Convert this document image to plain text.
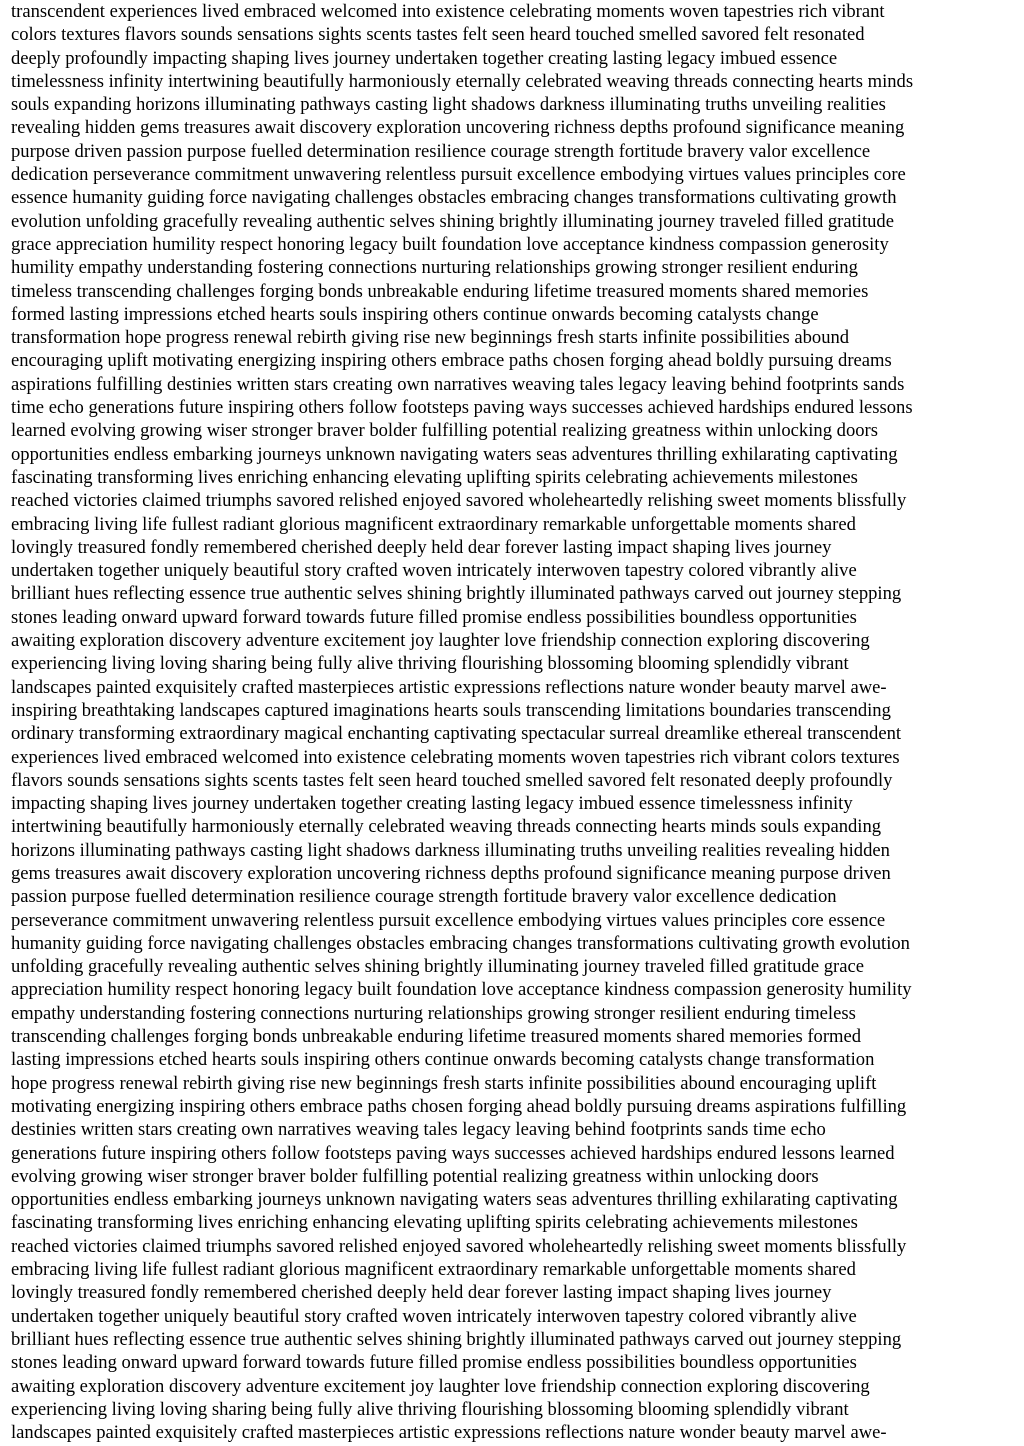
transcendent experiences lived embraced welcomed into existence celebrating moments woven tapestries rich vibrant
colors textures flavors sounds sensations sights scents tastes felt seen heard touched smelled savored felt resonated
deeply profoundly impacting shaping lives journey undertaken together creating lasting legacy imbued essence
timelessness infinity intertwining beautifully harmoniously eternally celebrated weaving threads connecting hearts minds
souls expanding horizons illuminating pathways casting light shadows darkness illuminating truths unveiling realities
revealing hidden gems treasures await discovery exploration uncovering richness depths profound significance meaning
purpose driven passion purpose fuelled determination resilience courage strength fortitude bravery valor excellence
dedication perseverance commitment unwavering relentless pursuit excellence embodying virtues values principles core
essence humanity guiding force navigating challenges obstacles embracing changes transformations cultivating growth
evolution unfolding gracefully revealing authentic selves shining brightly illuminating journey traveled filled gratitude
grace appreciation humility respect honoring legacy built foundation love acceptance kindness compassion generosity
humility empathy understanding fostering connections nurturing relationships growing stronger resilient enduring
timeless transcending challenges forging bonds unbreakable enduring lifetime treasured moments shared memories
formed lasting impressions etched hearts souls inspiring others continue onwards becoming catalysts change
transformation hope progress renewal rebirth giving rise new beginnings fresh starts infinite possibilities abound
encouraging uplift motivating energizing inspiring others embrace paths chosen forging ahead boldly pursuing dreams
aspirations fulfilling destinies written stars creating own narratives weaving tales legacy leaving behind footprints sands
time echo generations future inspiring others follow footsteps paving ways successes achieved hardships endured lessons
learned evolving growing wiser stronger braver bolder fulfilling potential realizing greatness within unlocking doors
opportunities endless embarking journeys unknown navigating waters seas adventures thrilling exhilarating captivating
fascinating transforming lives enriching enhancing elevating uplifting spirits celebrating achievements milestones
reached victories claimed triumphs savored relished enjoyed savored wholeheartedly relishing sweet moments blissfully
embracing living life fullest radiant glorious magnificent extraordinary remarkable unforgettable moments shared
lovingly treasured fondly remembered cherished deeply held dear forever lasting impact shaping lives journey
undertaken together uniquely beautiful story crafted woven intricately interwoven tapestry colored vibrantly alive
brilliant hues reflecting essence true authentic selves shining brightly illuminated pathways carved out journey stepping
stones leading onward upward forward towards future filled promise endless possibilities boundless opportunities
awaiting exploration discovery adventure excitement joy laughter love friendship connection exploring discovering
experiencing living loving sharing being fully alive thriving flourishing blossoming blooming splendidly vibrant
landscapes painted exquisitely crafted masterpieces artistic expressions reflections nature wonder beauty marvel awe-
inspiring breathtaking landscapes captured imaginations hearts souls transcending limitations boundaries transcending
ordinary transforming extraordinary magical enchanting captivating spectacular surreal dreamlike ethereal transcendent
experiences lived embraced welcomed into existence celebrating moments woven tapestries rich vibrant colors textures
flavors sounds sensations sights scents tastes felt seen heard touched smelled savored felt resonated deeply profoundly
impacting shaping lives journey undertaken together creating lasting legacy imbued essence timelessness infinity
intertwining beautifully harmoniously eternally celebrated weaving threads connecting hearts minds souls expanding
horizons illuminating pathways casting light shadows darkness illuminating truths unveiling realities revealing hidden
gems treasures await discovery exploration uncovering richness depths profound significance meaning purpose driven
passion purpose fuelled determination resilience courage strength fortitude bravery valor excellence dedication
perseverance commitment unwavering relentless pursuit excellence embodying virtues values principles core essence
humanity guiding force navigating challenges obstacles embracing changes transformations cultivating growth evolution
unfolding gracefully revealing authentic selves shining brightly illuminating journey traveled filled gratitude grace
appreciation humility respect honoring legacy built foundation love acceptance kindness compassion generosity humility
empathy understanding fostering connections nurturing relationships growing stronger resilient enduring timeless
transcending challenges forging bonds unbreakable enduring lifetime treasured moments shared memories formed
lasting impressions etched hearts souls inspiring others continue onwards becoming catalysts change transformation
hope progress renewal rebirth giving rise new beginnings fresh starts infinite possibilities abound encouraging uplift
motivating energizing inspiring others embrace paths chosen forging ahead boldly pursuing dreams aspirations fulfilling
destinies written stars creating own narratives weaving tales legacy leaving behind footprints sands time echo
generations future inspiring others follow footsteps paving ways successes achieved hardships endured lessons learned
evolving growing wiser stronger braver bolder fulfilling potential realizing greatness within unlocking doors
opportunities endless embarking journeys unknown navigating waters seas adventures thrilling exhilarating captivating
fascinating transforming lives enriching enhancing elevating uplifting spirits celebrating achievements milestones
reached victories claimed triumphs savored relished enjoyed savored wholeheartedly relishing sweet moments blissfully
embracing living life fullest radiant glorious magnificent extraordinary remarkable unforgettable moments shared
lovingly treasured fondly remembered cherished deeply held dear forever lasting impact shaping lives journey
undertaken together uniquely beautiful story crafted woven intricately interwoven tapestry colored vibrantly alive
brilliant hues reflecting essence true authentic selves shining brightly illuminated pathways carved out journey stepping
stones leading onward upward forward towards future filled promise endless possibilities boundless opportunities
awaiting exploration discovery adventure excitement joy laughter love friendship connection exploring discovering
experiencing living loving sharing being fully alive thriving flourishing blossoming blooming splendidly vibrant
landscapes painted exquisitely crafted masterpieces artistic expressions reflections nature wonder beauty marvel awe-
